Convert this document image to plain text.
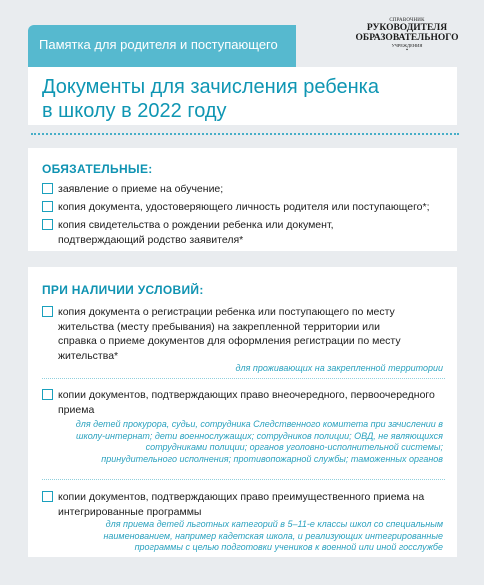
Памятка для родителя и поступающего
СПРАВОЧНИК
РУКОВОДИТЕЛЯ
ОБРАЗОВАТЕЛЬНОГО
УЧРЕЖДЕНИЯ
▪
Документы для зачисления ребенка
в школу в 2022 году
ОБЯЗАТЕЛЬНЫЕ:
заявление о приеме на обучение;
копия документа, удостоверяющего личность родителя или поступающего*;
копия свидетельства о рождении ребенка или документ, подтверждающий родство заявителя*
ПРИ НАЛИЧИИ УСЛОВИЙ:
копия документа о регистрации ребенка или поступающего по месту жительства (месту пребывания) на закрепленной территории или справка о приеме документов для оформления регистрации по месту жительства*
для проживающих на закрепленной территории
копии документов, подтверждающих право внеочередного, первоочередного приема
для детей прокурора, судьи, сотрудника Следственного комитета при зачислении в школу-интернат; дети военнослужащих; сотрудников полиции; ОВД, не являющихся сотрудниками полиции; органов уголовно-исполнительной системы; принудительного исполнения; противопожарной службы; таможенных органов
копии документов, подтверждающих право преимущественного приема на интегрированные программы
для приема детей льготных категорий в 5–11-е классы школ со специальным наименованием, например кадетская школа, и реализующих интегрированные программы с целью подготовки учеников к военной или иной госслужбе
